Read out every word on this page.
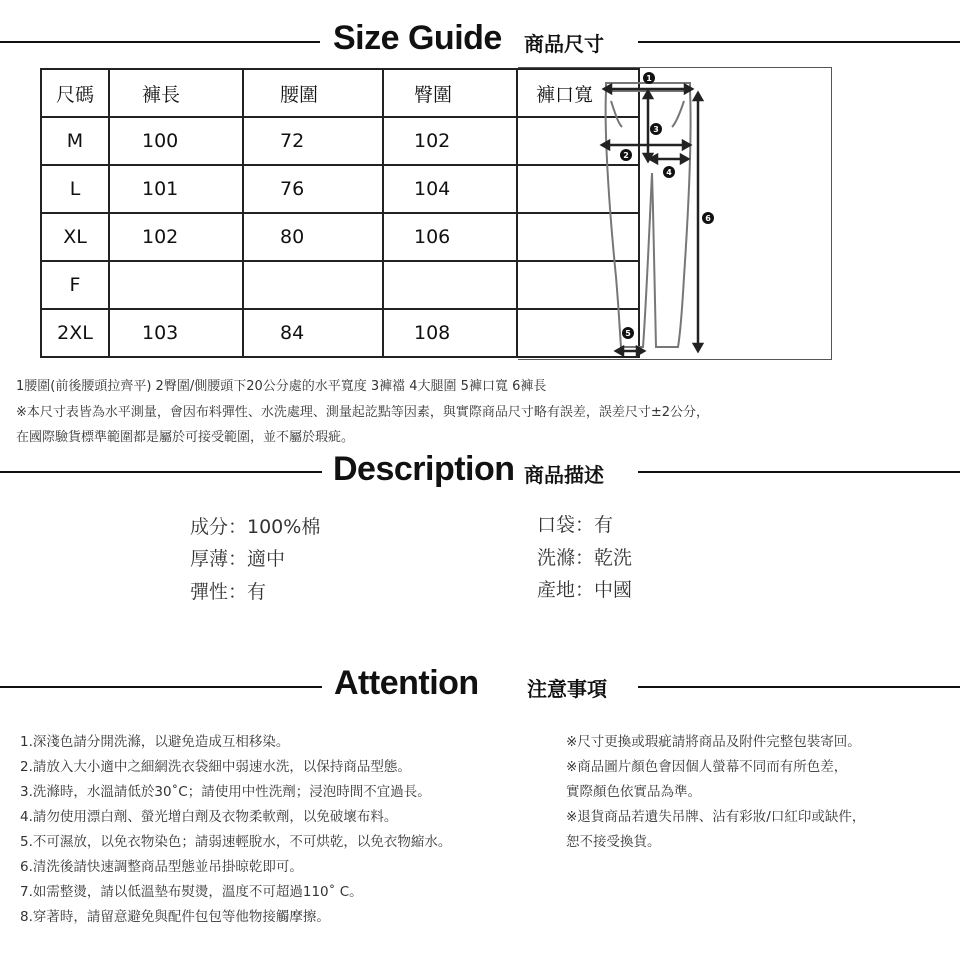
Size Guide 商品尺寸
尺碼	褲長	腰圍	臀圍	褲口寬
M	100	72	102	
L	101	76	104	
XL	102	80	106	
F				
2XL	103	84	108	
1
3
2
4
6
5
1腰圍(前後腰頭拉齊平) 2臀圍/側腰頭下20公分處的水平寬度 3褲襠 4大腿圍 5褲口寬 6褲長
※本尺寸表皆為水平測量，會因布料彈性、水洗處理、測量起訖點等因素，與實際商品尺寸略有誤差，誤差尺寸±2公分，
在國際驗貨標準範圍都是屬於可接受範圍，並不屬於瑕疵。
Description 商品描述
成分：100%棉
厚薄：適中
彈性：有
口袋：有
洗滌：乾洗
產地：中國
Attention 注意事項
1.深淺色請分開洗滌，以避免造成互相移染。
2.請放入大小適中之細網洗衣袋細中弱速水洗，以保持商品型態。
3.洗滌時，水溫請低於30˚C；請使用中性洗劑；浸泡時間不宜過長。
4.請勿使用漂白劑、螢光增白劑及衣物柔軟劑，以免破壞布料。
5.不可濕放，以免衣物染色；請弱速輕脫水，不可烘乾，以免衣物縮水。
6.清洗後請快速調整商品型態並吊掛晾乾即可。
7.如需整燙，請以低溫墊布熨燙，溫度不可超過110˚ C。
8.穿著時，請留意避免與配件包包等他物接觸摩擦。
※尺寸更換或瑕疵請將商品及附件完整包裝寄回。
※商品圖片顏色會因個人螢幕不同而有所色差，
實際顏色依實品為準。
※退貨商品若遺失吊牌、沾有彩妝/口紅印或缺件，
恕不接受換貨。
